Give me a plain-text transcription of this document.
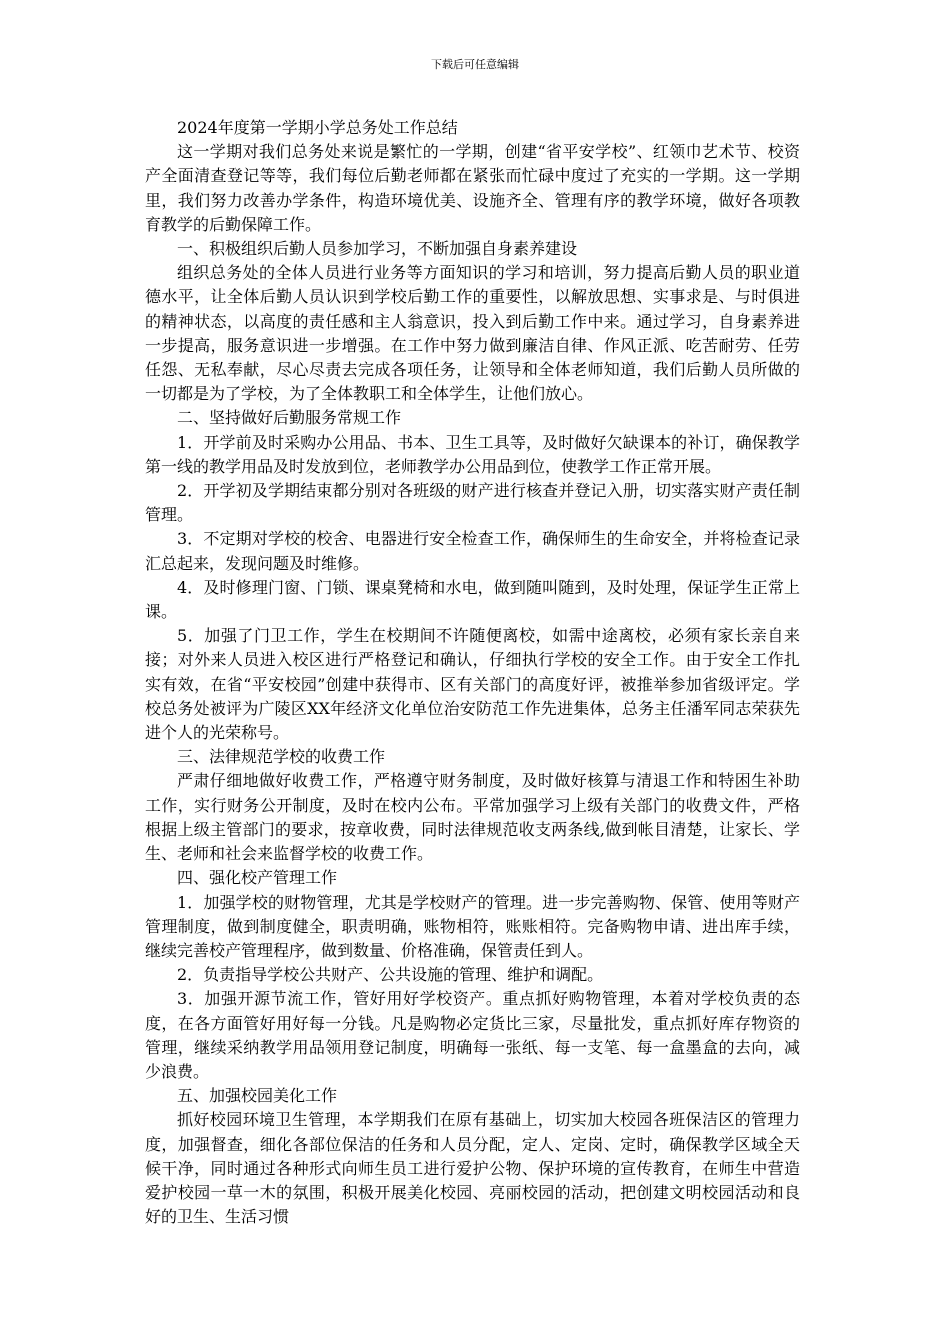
下载后可任意编辑

2024年度第一学期小学总务处工作总结

这一学期对我们总务处来说是繁忙的一学期，创建“省平安学校”、红领巾艺术节、校资产全面清查登记等等，我们每位后勤老师都在紧张而忙碌中度过了充实的一学期。这一学期里，我们努力改善办学条件，构造环境优美、设施齐全、管理有序的教学环境，做好各项教育教学的后勤保障工作。

一、积极组织后勤人员参加学习，不断加强自身素养建设

组织总务处的全体人员进行业务等方面知识的学习和培训，努力提高后勤人员的职业道德水平，让全体后勤人员认识到学校后勤工作的重要性，以解放思想、实事求是、与时俱进的精神状态，以高度的责任感和主人翁意识，投入到后勤工作中来。通过学习，自身素养进一步提高，服务意识进一步增强。在工作中努力做到廉洁自律、作风正派、吃苦耐劳、任劳任怨、无私奉献，尽心尽责去完成各项任务，让领导和全体老师知道，我们后勤人员所做的一切都是为了学校，为了全体教职工和全体学生，让他们放心。

二、坚持做好后勤服务常规工作

1．开学前及时采购办公用品、书本、卫生工具等，及时做好欠缺课本的补订，确保教学第一线的教学用品及时发放到位，老师教学办公用品到位，使教学工作正常开展。

2．开学初及学期结束都分别对各班级的财产进行核查并登记入册，切实落实财产责任制管理。

3．不定期对学校的校舍、电器进行安全检查工作，确保师生的生命安全，并将检查记录汇总起来，发现问题及时维修。

4．及时修理门窗、门锁、课桌凳椅和水电，做到随叫随到，及时处理，保证学生正常上课。

5．加强了门卫工作，学生在校期间不许随便离校，如需中途离校，必须有家长亲自来接；对外来人员进入校区进行严格登记和确认，仔细执行学校的安全工作。由于安全工作扎实有效，在省“平安校园”创建中获得市、区有关部门的高度好评，被推举参加省级评定。学校总务处被评为广陵区XX年经济文化单位治安防范工作先进集体，总务主任潘军同志荣获先进个人的光荣称号。

三、法律规范学校的收费工作

严肃仔细地做好收费工作，严格遵守财务制度，及时做好核算与清退工作和特困生补助工作，实行财务公开制度，及时在校内公布。平常加强学习上级有关部门的收费文件，严格根据上级主管部门的要求，按章收费，同时法律规范收支两条线,做到帐目清楚，让家长、学生、老师和社会来监督学校的收费工作。

四、强化校产管理工作

1．加强学校的财物管理，尤其是学校财产的管理。进一步完善购物、保管、使用等财产管理制度，做到制度健全，职责明确，账物相符，账账相符。完备购物申请、进出库手续，继续完善校产管理程序，做到数量、价格准确，保管责任到人。

2．负责指导学校公共财产、公共设施的管理、维护和调配。

3．加强开源节流工作，管好用好学校资产。重点抓好购物管理，本着对学校负责的态度，在各方面管好用好每一分钱。凡是购物必定货比三家，尽量批发，重点抓好库存物资的管理，继续采纳教学用品领用登记制度，明确每一张纸、每一支笔、每一盒墨盒的去向，减少浪费。

五、加强校园美化工作

抓好校园环境卫生管理，本学期我们在原有基础上，切实加大校园各班保洁区的管理力度，加强督查，细化各部位保洁的任务和人员分配，定人、定岗、定时，确保教学区域全天候干净，同时通过各种形式向师生员工进行爱护公物、保护环境的宣传教育，在师生中营造爱护校园一草一木的氛围，积极开展美化校园、亮丽校园的活动，把创建文明校园活动和良好的卫生、生活习惯
